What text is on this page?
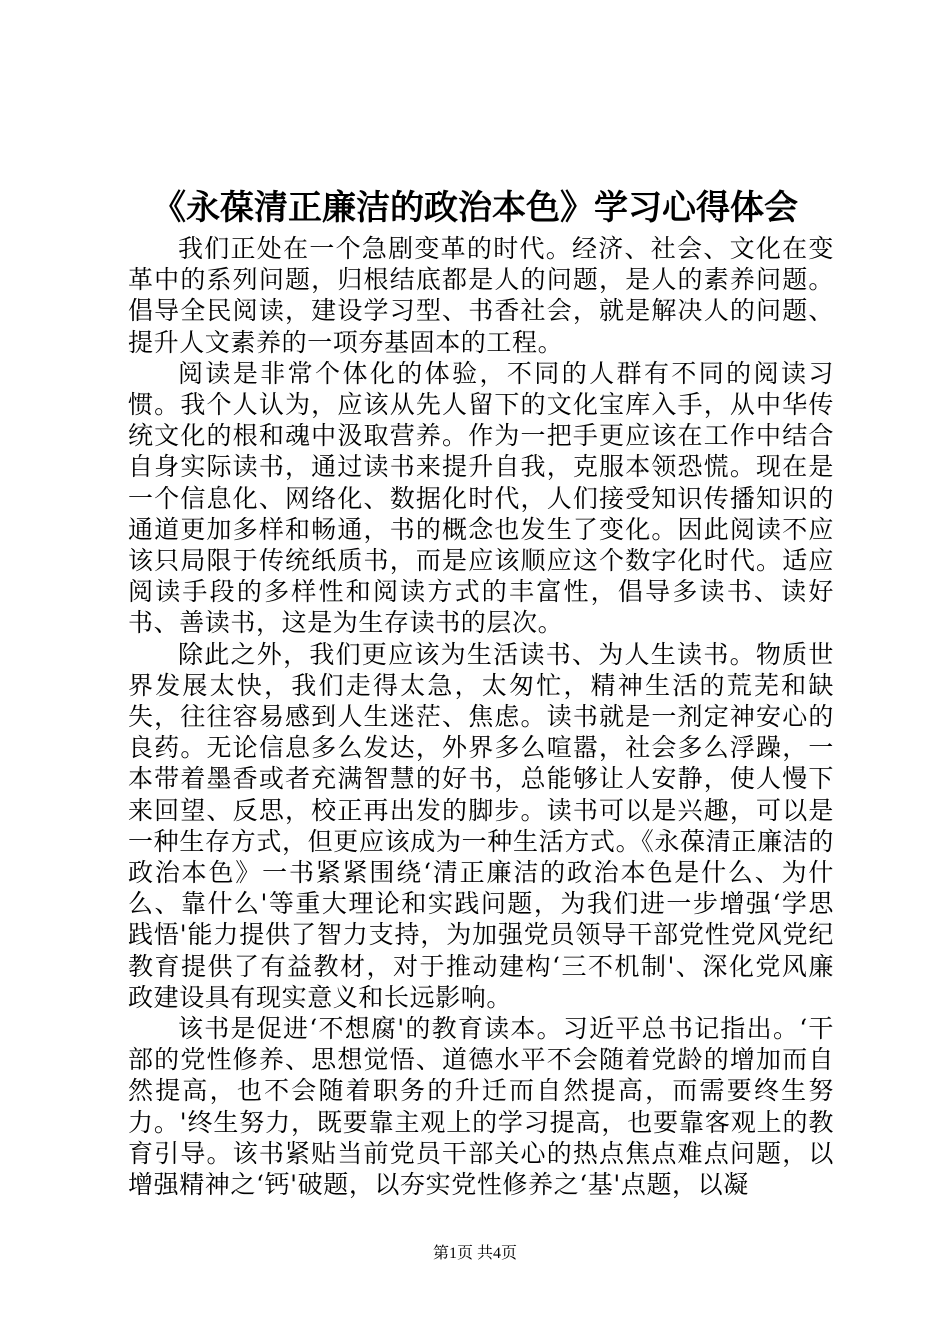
《永葆清正廉洁的政治本色》学习心得体会

我们正处在一个急剧变革的时代。经济、社会、文化在变革中的系列问题，归根结底都是人的问题，是人的素养问题。倡导全民阅读，建设学习型、书香社会，就是解决人的问题、提升人文素养的一项夯基固本的工程。

阅读是非常个体化的体验，不同的人群有不同的阅读习惯。我个人认为，应该从先人留下的文化宝库入手，从中华传统文化的根和魂中汲取营养。作为一把手更应该在工作中结合自身实际读书，通过读书来提升自我，克服本领恐慌。现在是一个信息化、网络化、数据化时代，人们接受知识传播知识的通道更加多样和畅通，书的概念也发生了变化。因此阅读不应该只局限于传统纸质书，而是应该顺应这个数字化时代。适应阅读手段的多样性和阅读方式的丰富性，倡导多读书、读好书、善读书，这是为生存读书的层次。

除此之外，我们更应该为生活读书、为人生读书。物质世界发展太快，我们走得太急，太匆忙，精神生活的荒芜和缺失，往往容易感到人生迷茫、焦虑。读书就是一剂定神安心的良药。无论信息多么发达，外界多么喧嚣，社会多么浮躁，一本带着墨香或者充满智慧的好书，总能够让人安静，使人慢下来回望、反思，校正再出发的脚步。读书可以是兴趣，可以是一种生存方式，但更应该成为一种生活方式。《永葆清正廉洁的政治本色》一书紧紧围绕‘清正廉洁的政治本色是什么、为什么、靠什么'等重大理论和实践问题，为我们进一步增强‘学思践悟'能力提供了智力支持，为加强党员领导干部党性党风党纪教育提供了有益教材，对于推动建构‘三不机制'、深化党风廉政建设具有现实意义和长远影响。

该书是促进‘不想腐'的教育读本。习近平总书记指出。‘干部的党性修养、思想觉悟、道德水平不会随着党龄的增加而自然提高，也不会随着职务的升迁而自然提高，而需要终生努力。'终生努力，既要靠主观上的学习提高，也要靠客观上的教育引导。该书紧贴当前党员干部关心的热点焦点难点问题，以增强精神之‘钙'破题，以夯实党性修养之‘基'点题，以凝

第1页 共4页
